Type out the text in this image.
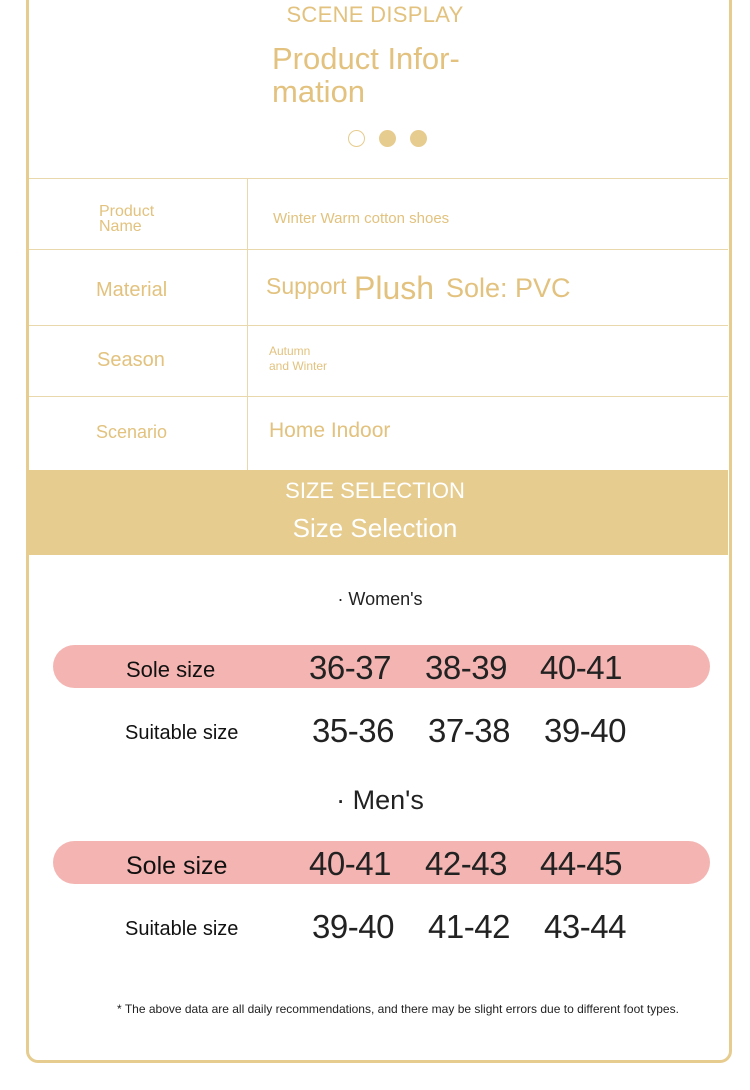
SCENE DISPLAY
Product Infor-
mation
Product Name	Winter Warm cotton shoes
Material	Support Plush Sole: PVC
Season	Autumn
and Winter
Scenario	Home Indoor
SIZE SELECTION
Size Selection
· Women's
Sole size	36-37 38-39 40-41
Suitable size 35-36 37-38 39-40
· Men's
Sole size 40-41 42-43 44-45
Suitable size 39-40 41-42 43-44
* The above data are all daily recommendations, and there may be slight errors due to different foot types.
